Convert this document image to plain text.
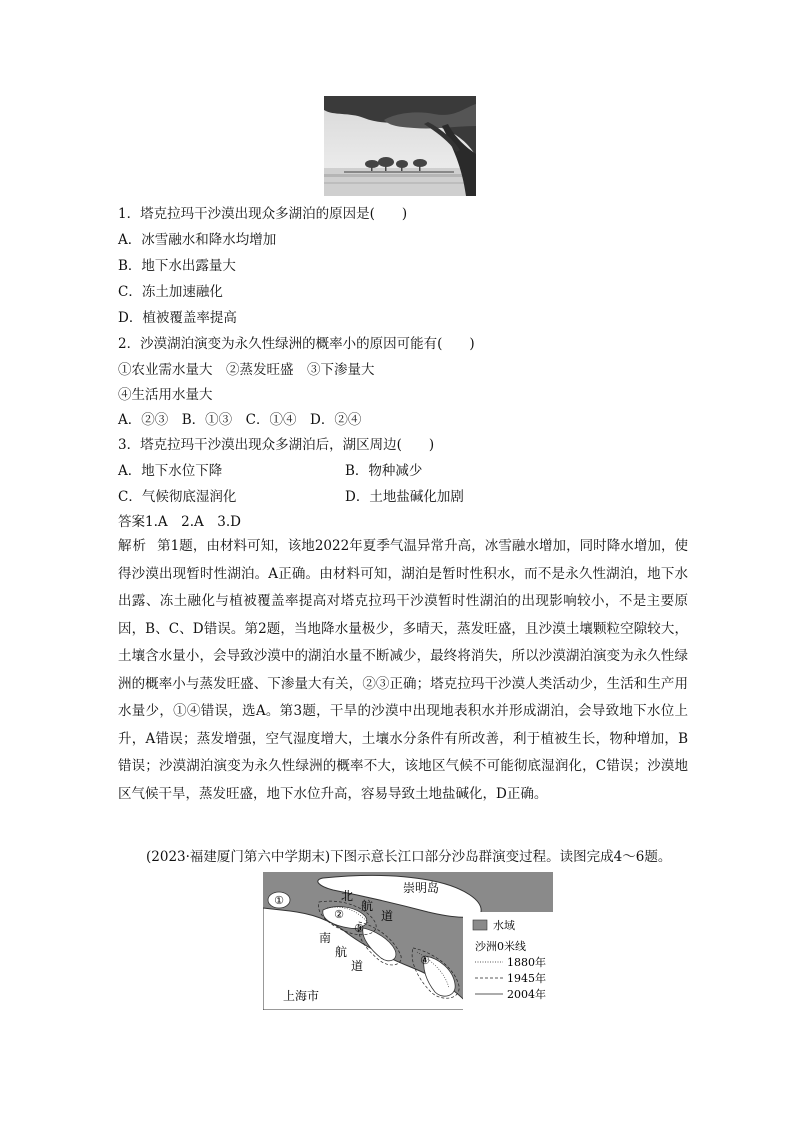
1．塔克拉玛干沙漠出现众多湖泊的原因是(　　)
A．冰雪融水和降水均增加
B．地下水出露量大
C．冻土加速融化
D．植被覆盖率提高
2．沙漠湖泊演变为永久性绿洲的概率小的原因可能有(　　)
①农业需水量大　②蒸发旺盛　③下渗量大
④生活用水量大
A．②③　B．①③　C．①④　D．②④
3．塔克拉玛干沙漠出现众多湖泊后，湖区周边(　　)
A．地下水位下降	B．物种减少
C．气候彻底湿润化	D．土地盐碱化加剧
答案1.A　2.A　3.D
解析 第1题，由材料可知，该地2022年夏季气温异常升高，冰雪融水增加，同时降水增加，使得沙漠出现暂时性湖泊。A正确。由材料可知，湖泊是暂时性积水，而不是永久性湖泊，地下水出露、冻土融化与植被覆盖率提高对塔克拉玛干沙漠暂时性湖泊的出现影响较小，不是主要原因，B、C、D错误。第2题，当地降水量极少，多晴天，蒸发旺盛，且沙漠土壤颗粒空隙较大，土壤含水量小，会导致沙漠中的湖泊水量不断减少，最终将消失，所以沙漠湖泊演变为永久性绿洲的概率小与蒸发旺盛、下渗量大有关，②③正确；塔克拉玛干沙漠人类活动少，生活和生产用水量少，①④错误，选A。第3题，干旱的沙漠中出现地表积水并形成湖泊，会导致地下水位上升，A错误；蒸发增强，空气湿度增大，土壤水分条件有所改善，利于植被生长，物种增加，B错误；沙漠湖泊演变为永久性绿洲的概率不大，该地区气候不可能彻底湿润化，C错误；沙漠地区气候干旱，蒸发旺盛，地下水位升高，容易导致土地盐碱化，D正确。
(2023·福建厦门第六中学期末)下图示意长江口部分沙岛群演变过程。读图完成4～6题。
①
②
③
④
崇明岛
北
航
道
南
航
道
上海市
水域
沙洲0米线
1880年
1945年
2004年
